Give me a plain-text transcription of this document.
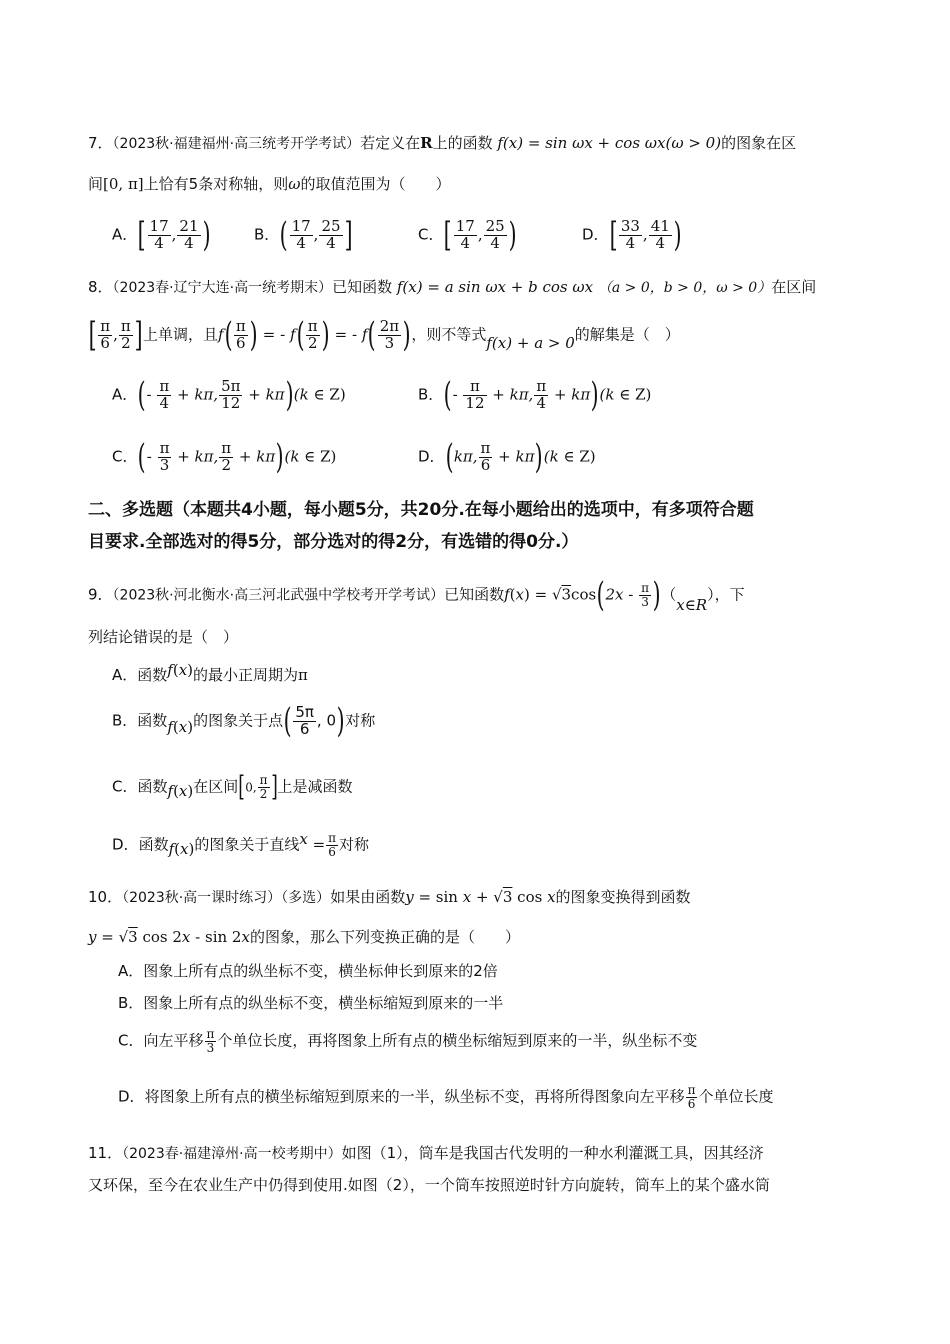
7．（2023秋·福建福州·高三统考开学考试）若定义在R上的函数 f(x) = sin ωx + cos ωx(ω > 0)的图象在区
间[0, π]上恰有5条对称轴，则ω的取值范围为（　　）
A．[ $\frac{17}{4}$ , $\frac{21}{4}$ )	B．( $\frac{17}{4}$ , $\frac{25}{4}$ ]	C．[ $\frac{17}{4}$ , $\frac{25}{4}$ )	D．[ $\frac{33}{4}$ , $\frac{41}{4}$ )
8．（2023春·辽宁大连·高一统考期末）已知函数 f(x) = a sin ωx + b cos ωx （a > 0，b > 0，ω > 0）在区间
[ $\frac{\pi}{6}$ , $\frac{\pi}{2}$ ]上单调，且$f( \frac{\pi}{6}$ ) = - $f( \frac{\pi}{2}$ ) = - $f( \frac{2\pi}{3}$ )，则不等式f(x) + a > 0的解集是（　）
A．(- $\frac{\pi}{4} + k\pi$, $\frac{5\pi}{12} + k\pi)(k$ ∈ Z)	B．(- $\frac{\pi}{12} + k\pi$, $\frac{\pi}{4} + k\pi)(k$ ∈ Z)
C．(- $\frac{\pi}{3} + k\pi$, $\frac{\pi}{2} + k\pi)(k$ ∈ Z)	D．(kπ, $\frac{\pi}{6} + k\pi)(k$ ∈ Z)
二、多选题（本题共4小题，每小题5分，共20分.在每小题给出的选项中，有多项符合题
目要求.全部选对的得5分，部分选对的得2分，有选错的得0分.）
9．（2023秋·河北衡水·高三河北武强中学校考开学考试）已知函数$f(x) = √3\cos(2x - \frac{\pi}{3}$ )（x∈R），下
列结论错误的是（　）
A．函数f(x)的最小正周期为π
B．函数f(x)的图象关于点( $\frac{5\pi}{6}$ , 0)对称
C．函数f(x)在区间[0, $\frac{\pi}{2}$ ]上是减函数
D．函数f(x)的图象关于直线$x = \frac{\pi}{6}$ 对称
10．（2023秋·高一课时练习）（多选）如果由函数y = sin x + √3 cos x的图象变换得到函数
y = √3 cos 2x - sin 2x的图象，那么下列变换正确的是（　　）
A．图象上所有点的纵坐标不变，横坐标伸长到原来的2倍
B．图象上所有点的纵坐标不变，横坐标缩短到原来的一半
C．向左平移 $\frac{\pi}{3}$ 个单位长度，再将图象上所有点的横坐标缩短到原来的一半，纵坐标不变
D．将图象上所有点的横坐标缩短到原来的一半，纵坐标不变，再将所得图象向左平移 $\frac{\pi}{6}$ 个单位长度
11．（2023春·福建漳州·高一校考期中）如图（1），筒车是我国古代发明的一种水利灌溉工具，因其经济
又环保，至今在农业生产中仍得到使用.如图（2），一个筒车按照逆时针方向旋转，筒车上的某个盛水筒
